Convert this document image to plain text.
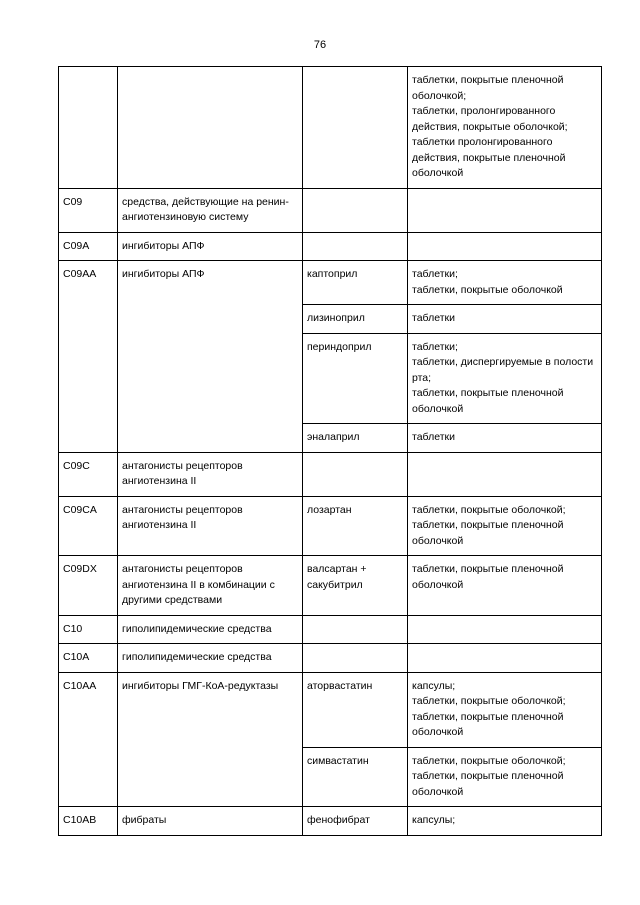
76

			таблетки, покрытые пленочной оболочкой;
таблетки, пролонгированного действия, покрытые оболочкой;
таблетки пролонгированного действия, покрытые пленочной оболочкой

C09	средства, действующие на ренин-ангиотензиновую систему		
C09A	ингибиторы АПФ		
C09AA	ингибиторы АПФ	каптоприл	таблетки;
таблетки, покрытые оболочкой

		лизиноприл	таблетки

		периндоприл	таблетки;
таблетки, диспергируемые в полости рта;
таблетки, покрытые пленочной оболочкой

		эналаприл	таблетки

C09C	антагонисты рецепторов ангиотензина II		
C09CA	антагонисты рецепторов ангиотензина II	лозартан	таблетки, покрытые оболочкой;
таблетки, покрытые пленочной оболочкой

C09DX	антагонисты рецепторов ангиотензина II в комбинации с другими средствами	валсартан + сакубитрил	таблетки, покрытые пленочной оболочкой

C10	гиполипидемические средства		
C10A	гиполипидемические средства		
C10AA	ингибиторы ГМГ-КоА-редуктазы	аторвастатин	капсулы;
таблетки, покрытые оболочкой;
таблетки, покрытые пленочной оболочкой

		симвастатин	таблетки, покрытые оболочкой;
таблетки, покрытые пленочной оболочкой

C10AB	фибраты	фенофибрат	капсулы;
